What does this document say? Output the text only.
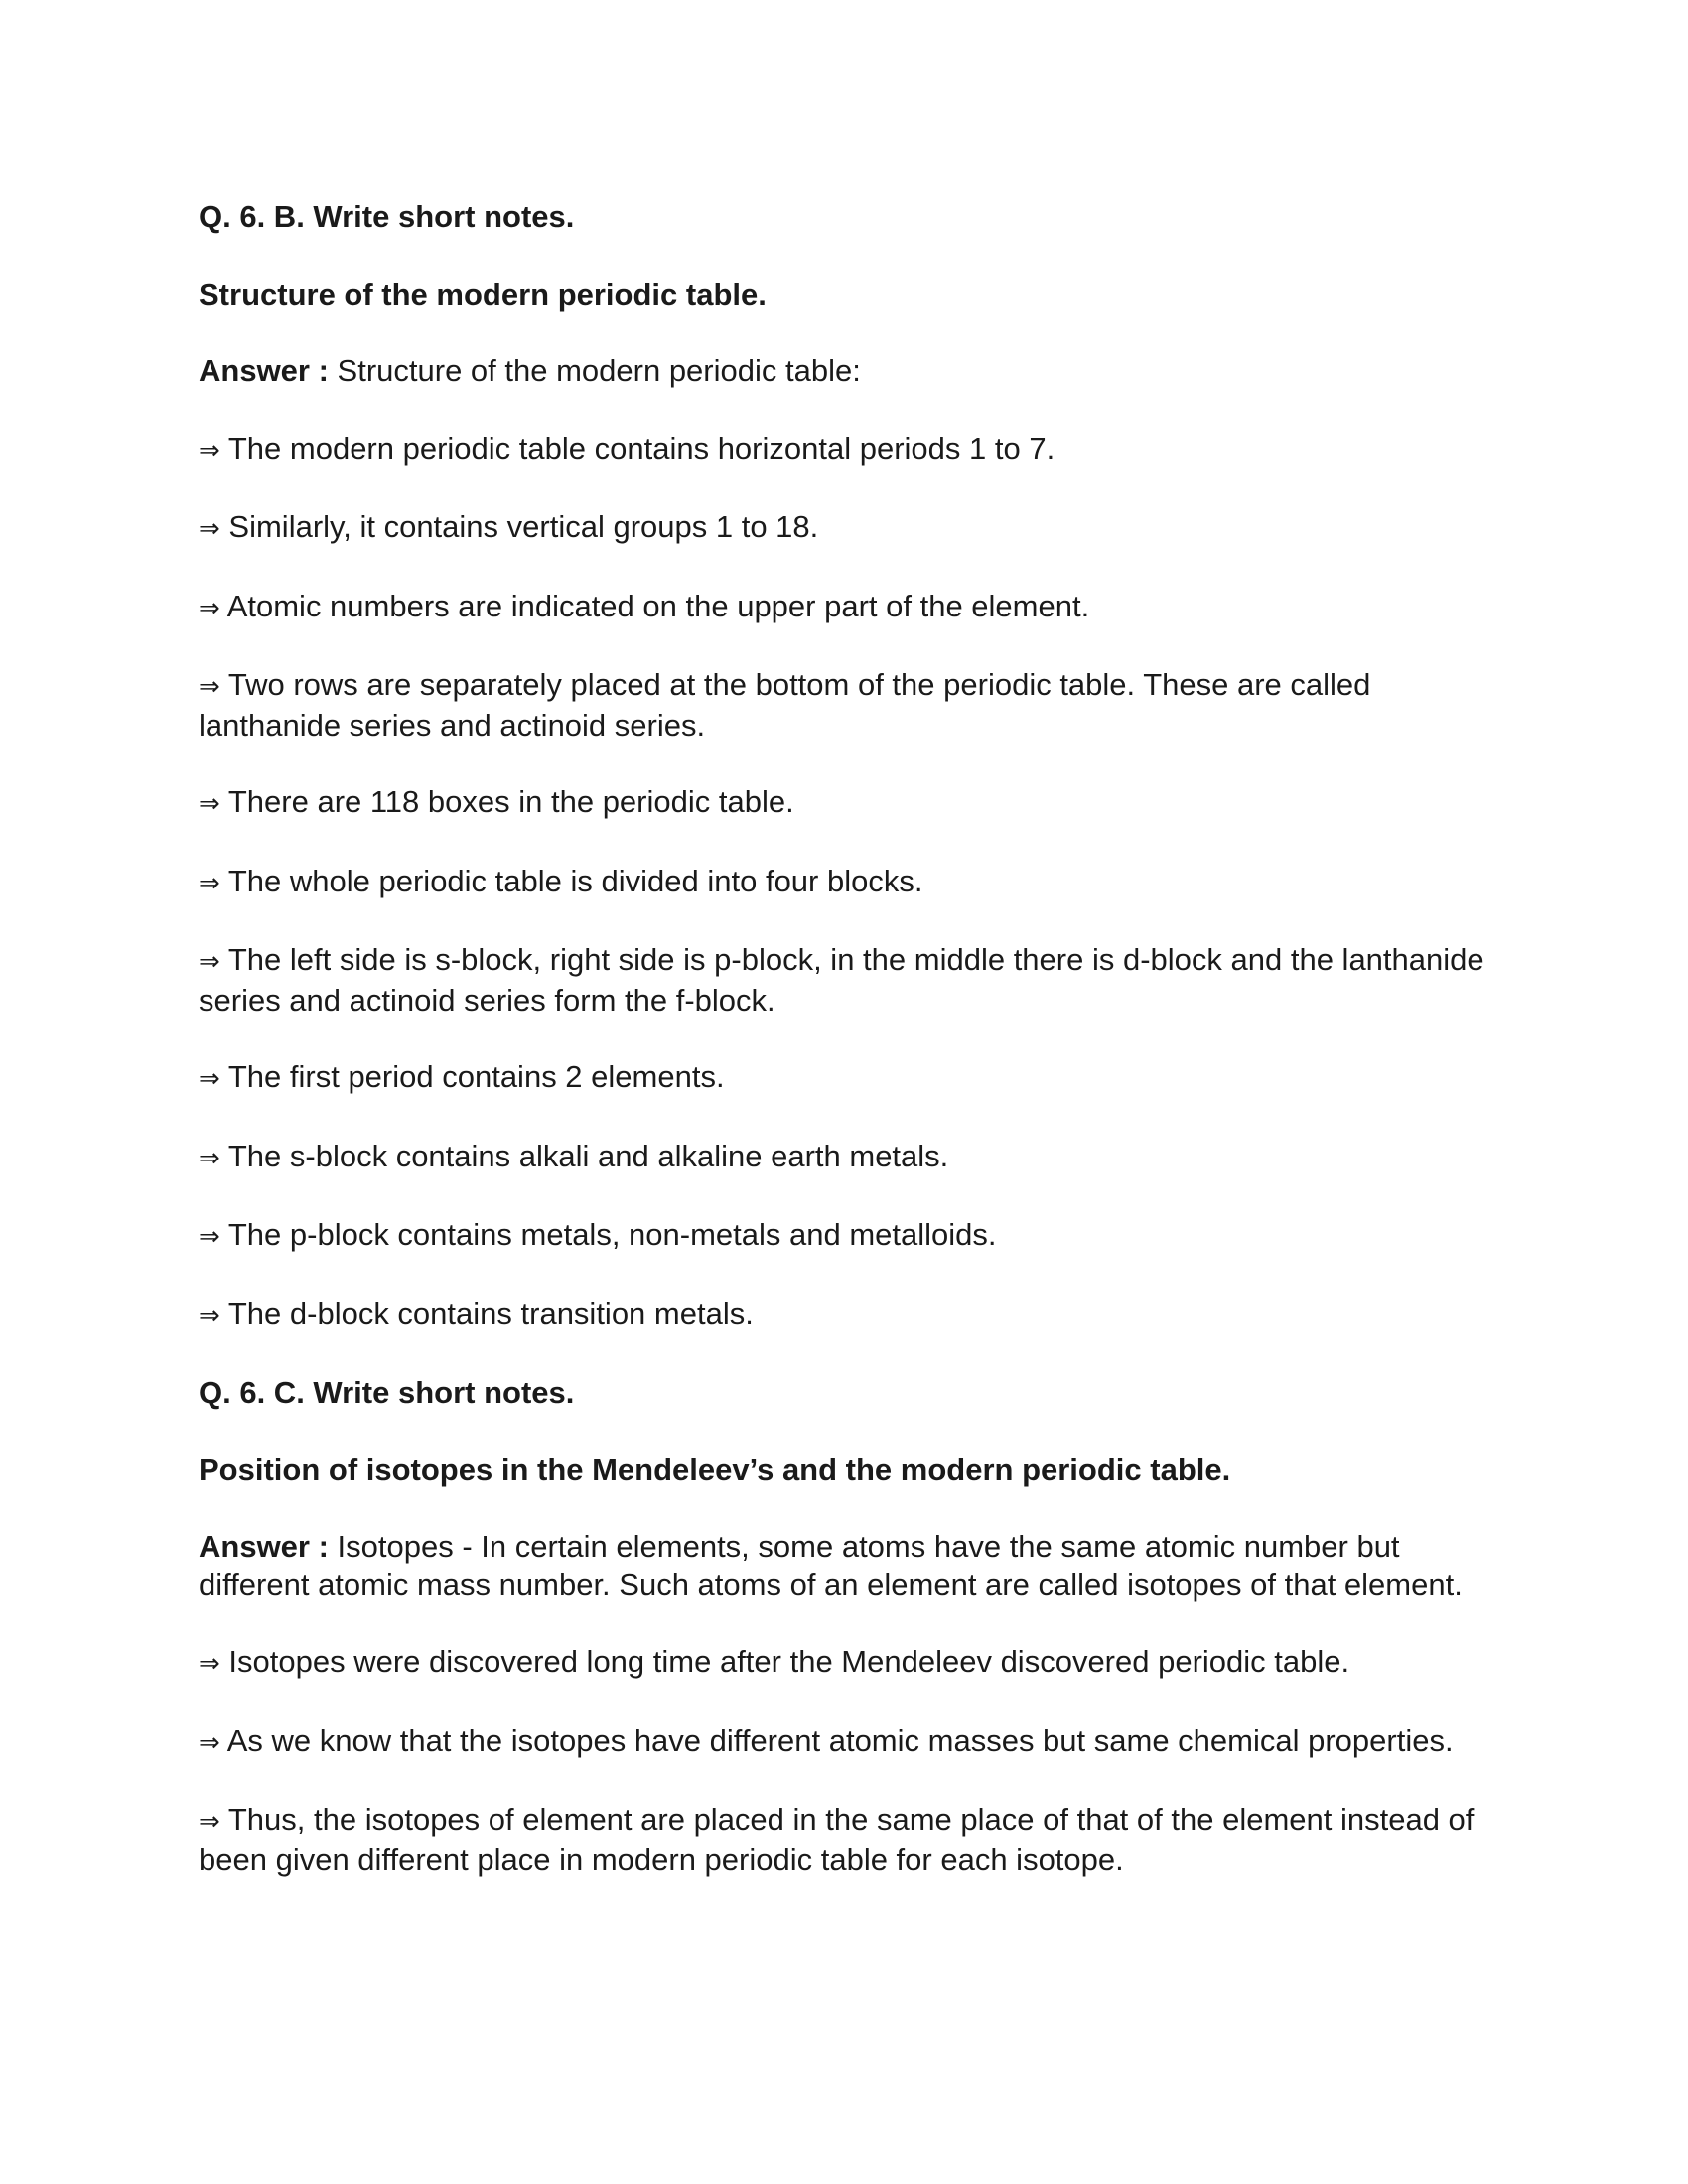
Q. 6. B. Write short notes.

Structure of the modern periodic table.

Answer : Structure of the modern periodic table:

⇒ The modern periodic table contains horizontal periods 1 to 7.

⇒ Similarly, it contains vertical groups 1 to 18.

⇒ Atomic numbers are indicated on the upper part of the element.

⇒ Two rows are separately placed at the bottom of the periodic table. These are called lanthanide series and actinoid series.

⇒ There are 118 boxes in the periodic table.

⇒ The whole periodic table is divided into four blocks.

⇒ The left side is s-block, right side is p-block, in the middle there is d-block and the lanthanide series and actinoid series form the f-block.

⇒ The first period contains 2 elements.

⇒ The s-block contains alkali and alkaline earth metals.

⇒ The p-block contains metals, non-metals and metalloids.

⇒ The d-block contains transition metals.

Q. 6. C. Write short notes.

Position of isotopes in the Mendeleev’s and the modern periodic table.

Answer : Isotopes - In certain elements, some atoms have the same atomic number but different atomic mass number. Such atoms of an element are called isotopes of that element.

⇒ Isotopes were discovered long time after the Mendeleev discovered periodic table.

⇒ As we know that the isotopes have different atomic masses but same chemical properties.

⇒ Thus, the isotopes of element are placed in the same place of that of the element instead of been given different place in modern periodic table for each isotope.
